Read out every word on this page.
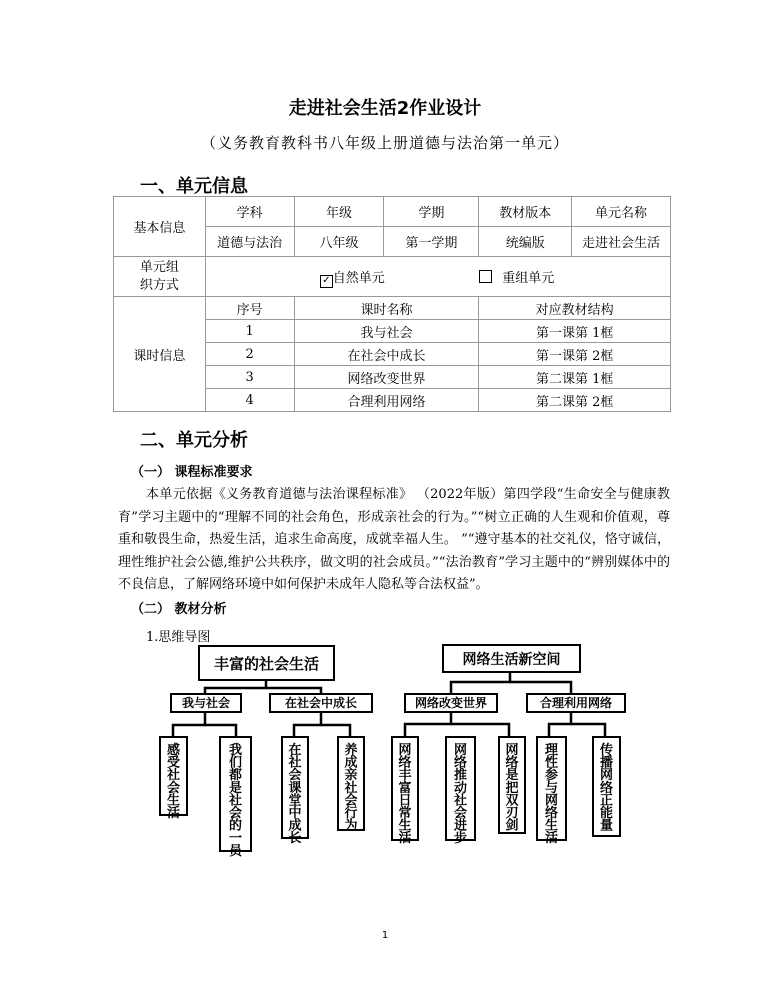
走进社会生活2作业设计
（义务教育教科书八年级上册道德与法治第一单元）
一、单元信息
基本信息	学科	年级	学期	教材版本	单元名称
	道德与法治	八年级	第一学期	统编版	走进社会生活
单元组
织方式	✓ 自然单元 重组单元				
课时信息	序号	课时名称		对应教材结构	
	1	我与社会		第一课第 1框	
	2	在社会中成长		第一课第 2框	
	3	网络改变世界		第二课第 1框	
	4	合理利用网络		第二课第 2框	
二、单元分析
（一） 课程标准要求

本单元依据《义务教育道德与法治课程标准》 （2022年版）第四学段“生命安全与健康教育”学习主题中的“理解不同的社会角色，形成亲社会的行为。”“树立正确的人生观和价值观，尊重和敬畏生命，热爱生活，追求生命高度，成就幸福人生。 ”“遵守基本的社交礼仪，恪守诚信，理性维护社会公德,维护公共秩序，做文明的社会成员。”“法治教育”学习主题中的“辨别媒体中的不良信息，了解网络环境中如何保护未成年人隐私等合法权益”。

（二） 教材分析
1.思维导图
丰富的社会生活	网络生活新空间
我与社会	在社会中成长	网络改变世界	合理利用网络
感受社会生活
我们都是社会的一员
在社会课堂中成长
养成亲社会行为
网络丰富日常生活
网络推动社会进步
网络是把双刃剑
理性参与网络生活
传播网络正能量
1
